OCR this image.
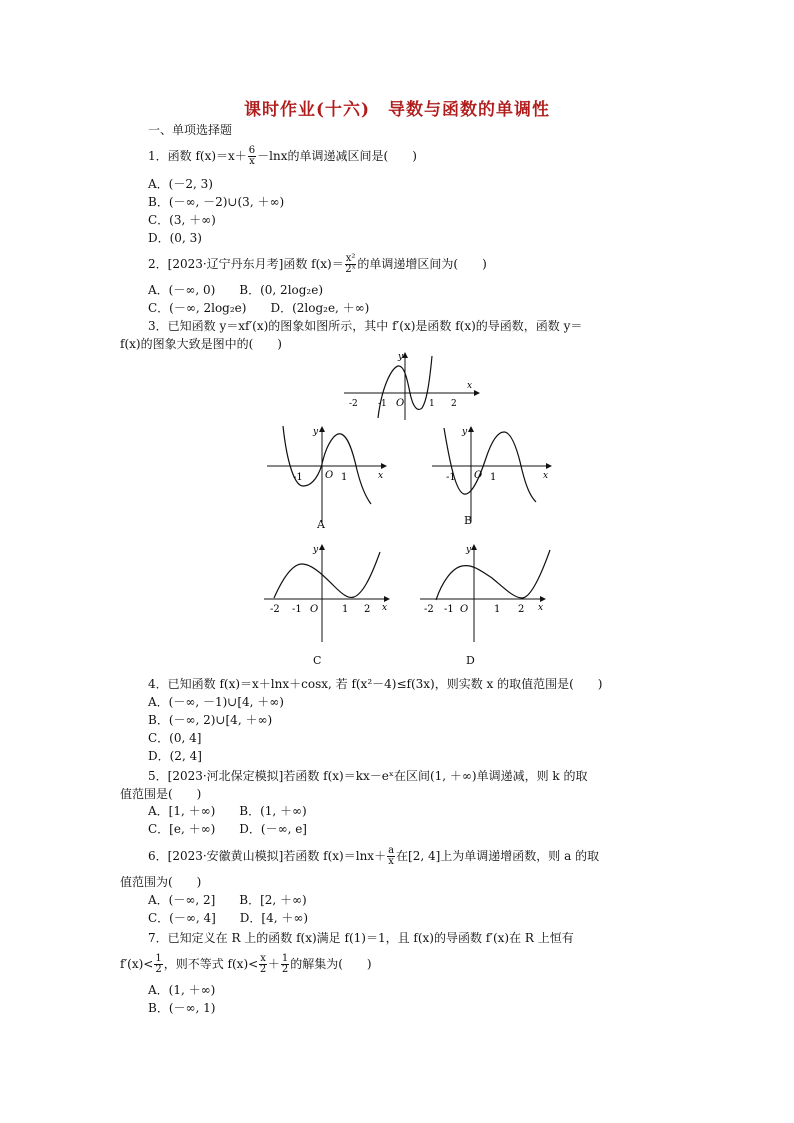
课时作业(十六)　导数与函数的单调性
一、单项选择题
1．函数 $f(x)=x+ \frac{6}{x} -\ln x$的单调递减区间是(　　)
A．(－2, 3)
B．(－∞, －2)∪(3, ＋∞)
C．(3, ＋∞)
D．(0, 3)
2．[2023·辽宁丹东月考]函数 $f(x)= \frac{\text{x²}}{\text{2ˣ}}$ 的单调递增区间为(　　)
A．(－∞, 0)　　B．(0, 2log₂e)
C．(－∞, 2log₂e)　　D．(2log₂e, ＋∞)
3．已知函数 y＝xf′(x)的图象如图所示，其中 f′(x)是函数 f(x)的导函数，函数 y＝
f(x)的图象大致是图中的(　　)
-2 -1 O	1 2
x
y
-1 O 1	x
y
A
-1 O 1	x
y
B
-2 -1 O 1 2 x
y
C
-2 -1 O	1 2 x
y
D
4．已知函数 f(x)＝x＋lnx＋cosx, 若 f(x²－4)≤f(3x)，则实数 x 的取值范围是(　　)
A．(－∞, －1)∪[4, ＋∞)
B．(－∞, 2)∪[4, ＋∞)
C．(0, 4]
D．(2, 4]
5．[2023·河北保定模拟]若函数 f(x)＝kx－eˣ在区间(1, ＋∞)单调递减，则 k 的取
值范围是(　　)
A．[1, ＋∞)　　B．(1, ＋∞)
C．[e, ＋∞)　　D．(－∞, e]
6．[2023·安徽黄山模拟]若函数 $f(x)=\ln x+ \frac{a}{x}$ 在[2, 4]上为单调递增函数，则 a 的取
值范围为(　　)
A．(－∞, 2]　　B．[2, ＋∞)
C．(－∞, 4]　　D．[4, ＋∞)
7．已知定义在 R 上的函数 f(x)满足 f(1)＝1，且 f(x)的导函数 f′(x)在 R 上恒有
$f'(x)< \frac{1}{2}$ ，则不等式 $f(x)< \frac{x}{2} + \frac{1}{2}$ 的解集为(　　)
A．(1, ＋∞)
B．(－∞, 1)
